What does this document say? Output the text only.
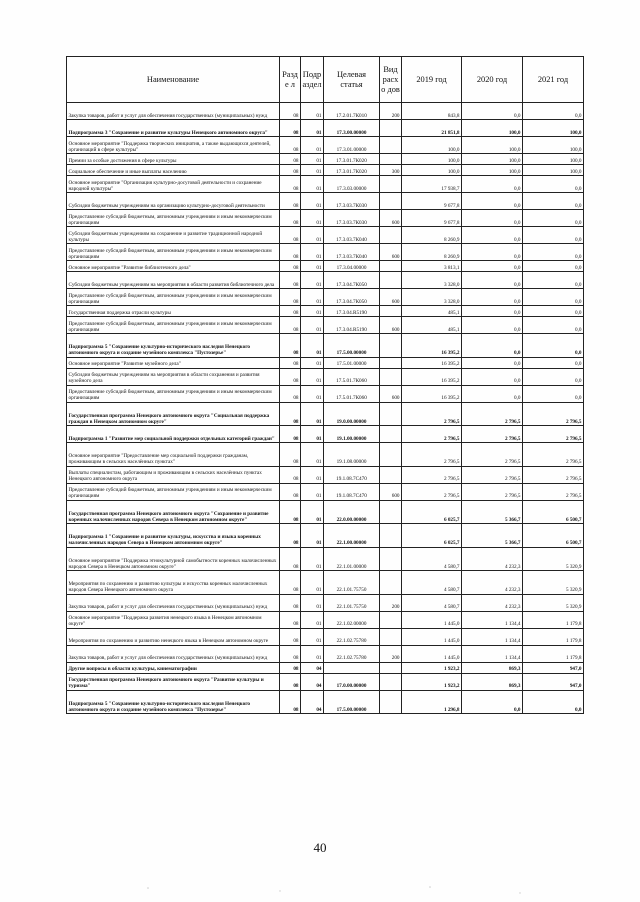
Наименование	Разде л	Подр аздел	Целевая статья	Вид расхо дов	2019 год	2020 год	2021 год
Закупка товаров, работ и услуг для обеспечения государственных (муниципальных) нужд	08	01	17.2.01.7К010	200	843,8	0,0	0,0
Подпрограмма 3 "Сохранение и развитие культуры Ненецкого автономного округа"	08	01	17.3.00.00000		21 851,8	100,0	100,0
Основное мероприятие "Поддержка творческих инициатив, а также выдающихся деятелей, организаций в сфере культуры"	08	01	17.3.01.00000		100,0	100,0	100,0
Премии за особые достижения в сфере культуры	08	01	17.3.01.7К020		100,0	100,0	100,0
Социальное обеспечение и иные выплаты населению	08	01	17.3.01.7К020	300	100,0	100,0	100,0
Основное мероприятие "Организация культурно-досуговой деятельности и сохранение народной культуры"	08	01	17.3.03.00000		17 938,7	0,0	0,0
Субсидии бюджетным учреждениям на организацию культурно-досуговой деятельности	08	01	17.3.03.7К030		9 677,8	0,0	0,0
Предоставление субсидий бюджетным, автономным учреждениям и иным некоммерческим организациям	08	01	17.3.03.7К030	600	9 677,8	0,0	0,0
Субсидии бюджетным учреждениям на сохранение и развитие традиционной народной культуры	08	01	17.3.03.7К040		8 260,9	0,0	0,0
Предоставление субсидий бюджетным, автономным учреждениям и иным некоммерческим организациям	08	01	17.3.03.7К040	600	8 260,9	0,0	0,0
Основное мероприятие "Развитие библиотечного дела"	08	01	17.3.04.00000		3 813,1	0,0	0,0
Субсидии бюджетным учреждениям на мероприятия в области развития библиотечного дела	08	01	17.3.04.7К050		3 328,0	0,0	0,0
Предоставление субсидий бюджетным, автономным учреждениям и иным некоммерческим организациям	08	01	17.3.04.7К050	600	3 328,0	0,0	0,0
Государственная поддержка отрасли культуры	08	01	17.3.04.R5190		485,1	0,0	0,0
Предоставление субсидий бюджетным, автономным учреждениям и иным некоммерческим организациям	08	01	17.3.04.R5190	600	485,1	0,0	0,0
Подпрограмма 5 "Сохранение культурно-исторического наследия Ненецкого автономного округа и создание музейного комплекса "Пустозерье"	08	01	17.5.00.00000		16 395,2	0,0	0,0
Основное мероприятие "Развитие музейного дела"	08	01	17.5.01.00000		16 395,2	0,0	0,0
Субсидии бюджетным учреждениям на мероприятия в области сохранения и развития музейного дела	08	01	17.5.01.7К060		16 395,2	0,0	0,0
Предоставление субсидий бюджетным, автономным учреждениям и иным некоммерческим организациям	08	01	17.5.01.7К060	600	16 395,2	0,0	0,0
Государственная программа Ненецкого автономного округа "Социальная поддержка граждан в Ненецком автономном округе"	08	01	19.0.00.00000		2 796,5	2 796,5	2 796,5
Подпрограмма 1 "Развитие мер социальной поддержки отдельных категорий граждан"	08	01	19.1.00.00000		2 796,5	2 796,5	2 796,5
Основное мероприятие "Предоставление мер социальной поддержки гражданам, проживающим в сельских населённых пунктах"	08	01	19.1.08.00000		2 796,5	2 796,5	2 796,5
Выплаты специалистам, работающим и проживающим в сельских населённых пунктах Ненецкого автономного округа	08	01	19.1.08.7С470		2 796,5	2 796,5	2 796,5
Предоставление субсидий бюджетным, автономным учреждениям и иным некоммерческим организациям	08	01	19.1.08.7С470	600	2 796,5	2 796,5	2 796,5
Государственная программа Ненецкого автономного округа "Сохранение и развитие коренных малочисленных народов Севера в Ненецком автономном округе"	08	01	22.0.00.00000		6 025,7	5 366,7	6 500,7
Подпрограмма 1 "Сохранение и развитие культуры, искусства и языка коренных малочисленных народов Севера в Ненецком автономном округе"	08	01	22.1.00.00000		6 025,7	5 366,7	6 500,7
Основное мероприятие "Поддержка этнокультурной самобытности коренных малочисленных народов Севера в Ненецком автономном округе"	08	01	22.1.01.00000		4 580,7	4 232,3	5 320,9
Мероприятия по сохранению и развитию культуры и искусства коренных малочисленных народов Севера Ненецкого автономного округа	08	01	22.1.01.75750		4 580,7	4 232,3	5 320,9
Закупка товаров, работ и услуг для обеспечения государственных (муниципальных) нужд	08	01	22.1.01.75750	200	4 580,7	4 232,3	5 320,9
Основное мероприятие "Поддержка развития ненецкого языка в Ненецком автономном округе"	08	01	22.1.02.00000		1 445,0	1 134,4	1 179,8
Мероприятия по сохранению и развитию ненецкого языка в Ненецком автономном округе	08	01	22.1.02.75780		1 445,0	1 134,4	1 179,8
Закупка товаров, работ и услуг для обеспечения государственных (муниципальных) нужд	08	01	22.1.02.75780	200	1 445,0	1 134,4	1 179,8
Другие вопросы в области культуры, кинематографии	08	04			1 923,2	869,3	947,0
Государственная программа Ненецкого автономного округа "Развитие культуры и туризма"	08	04	17.0.00.00000		1 923,2	869,3	947,0
Подпрограмма 5 "Сохранение культурно-исторического наследия Ненецкого автономного округа и создание музейного комплекса "Пустозерье"	08	04	17.5.00.00000		1 296,8	0,0	0,0
40
